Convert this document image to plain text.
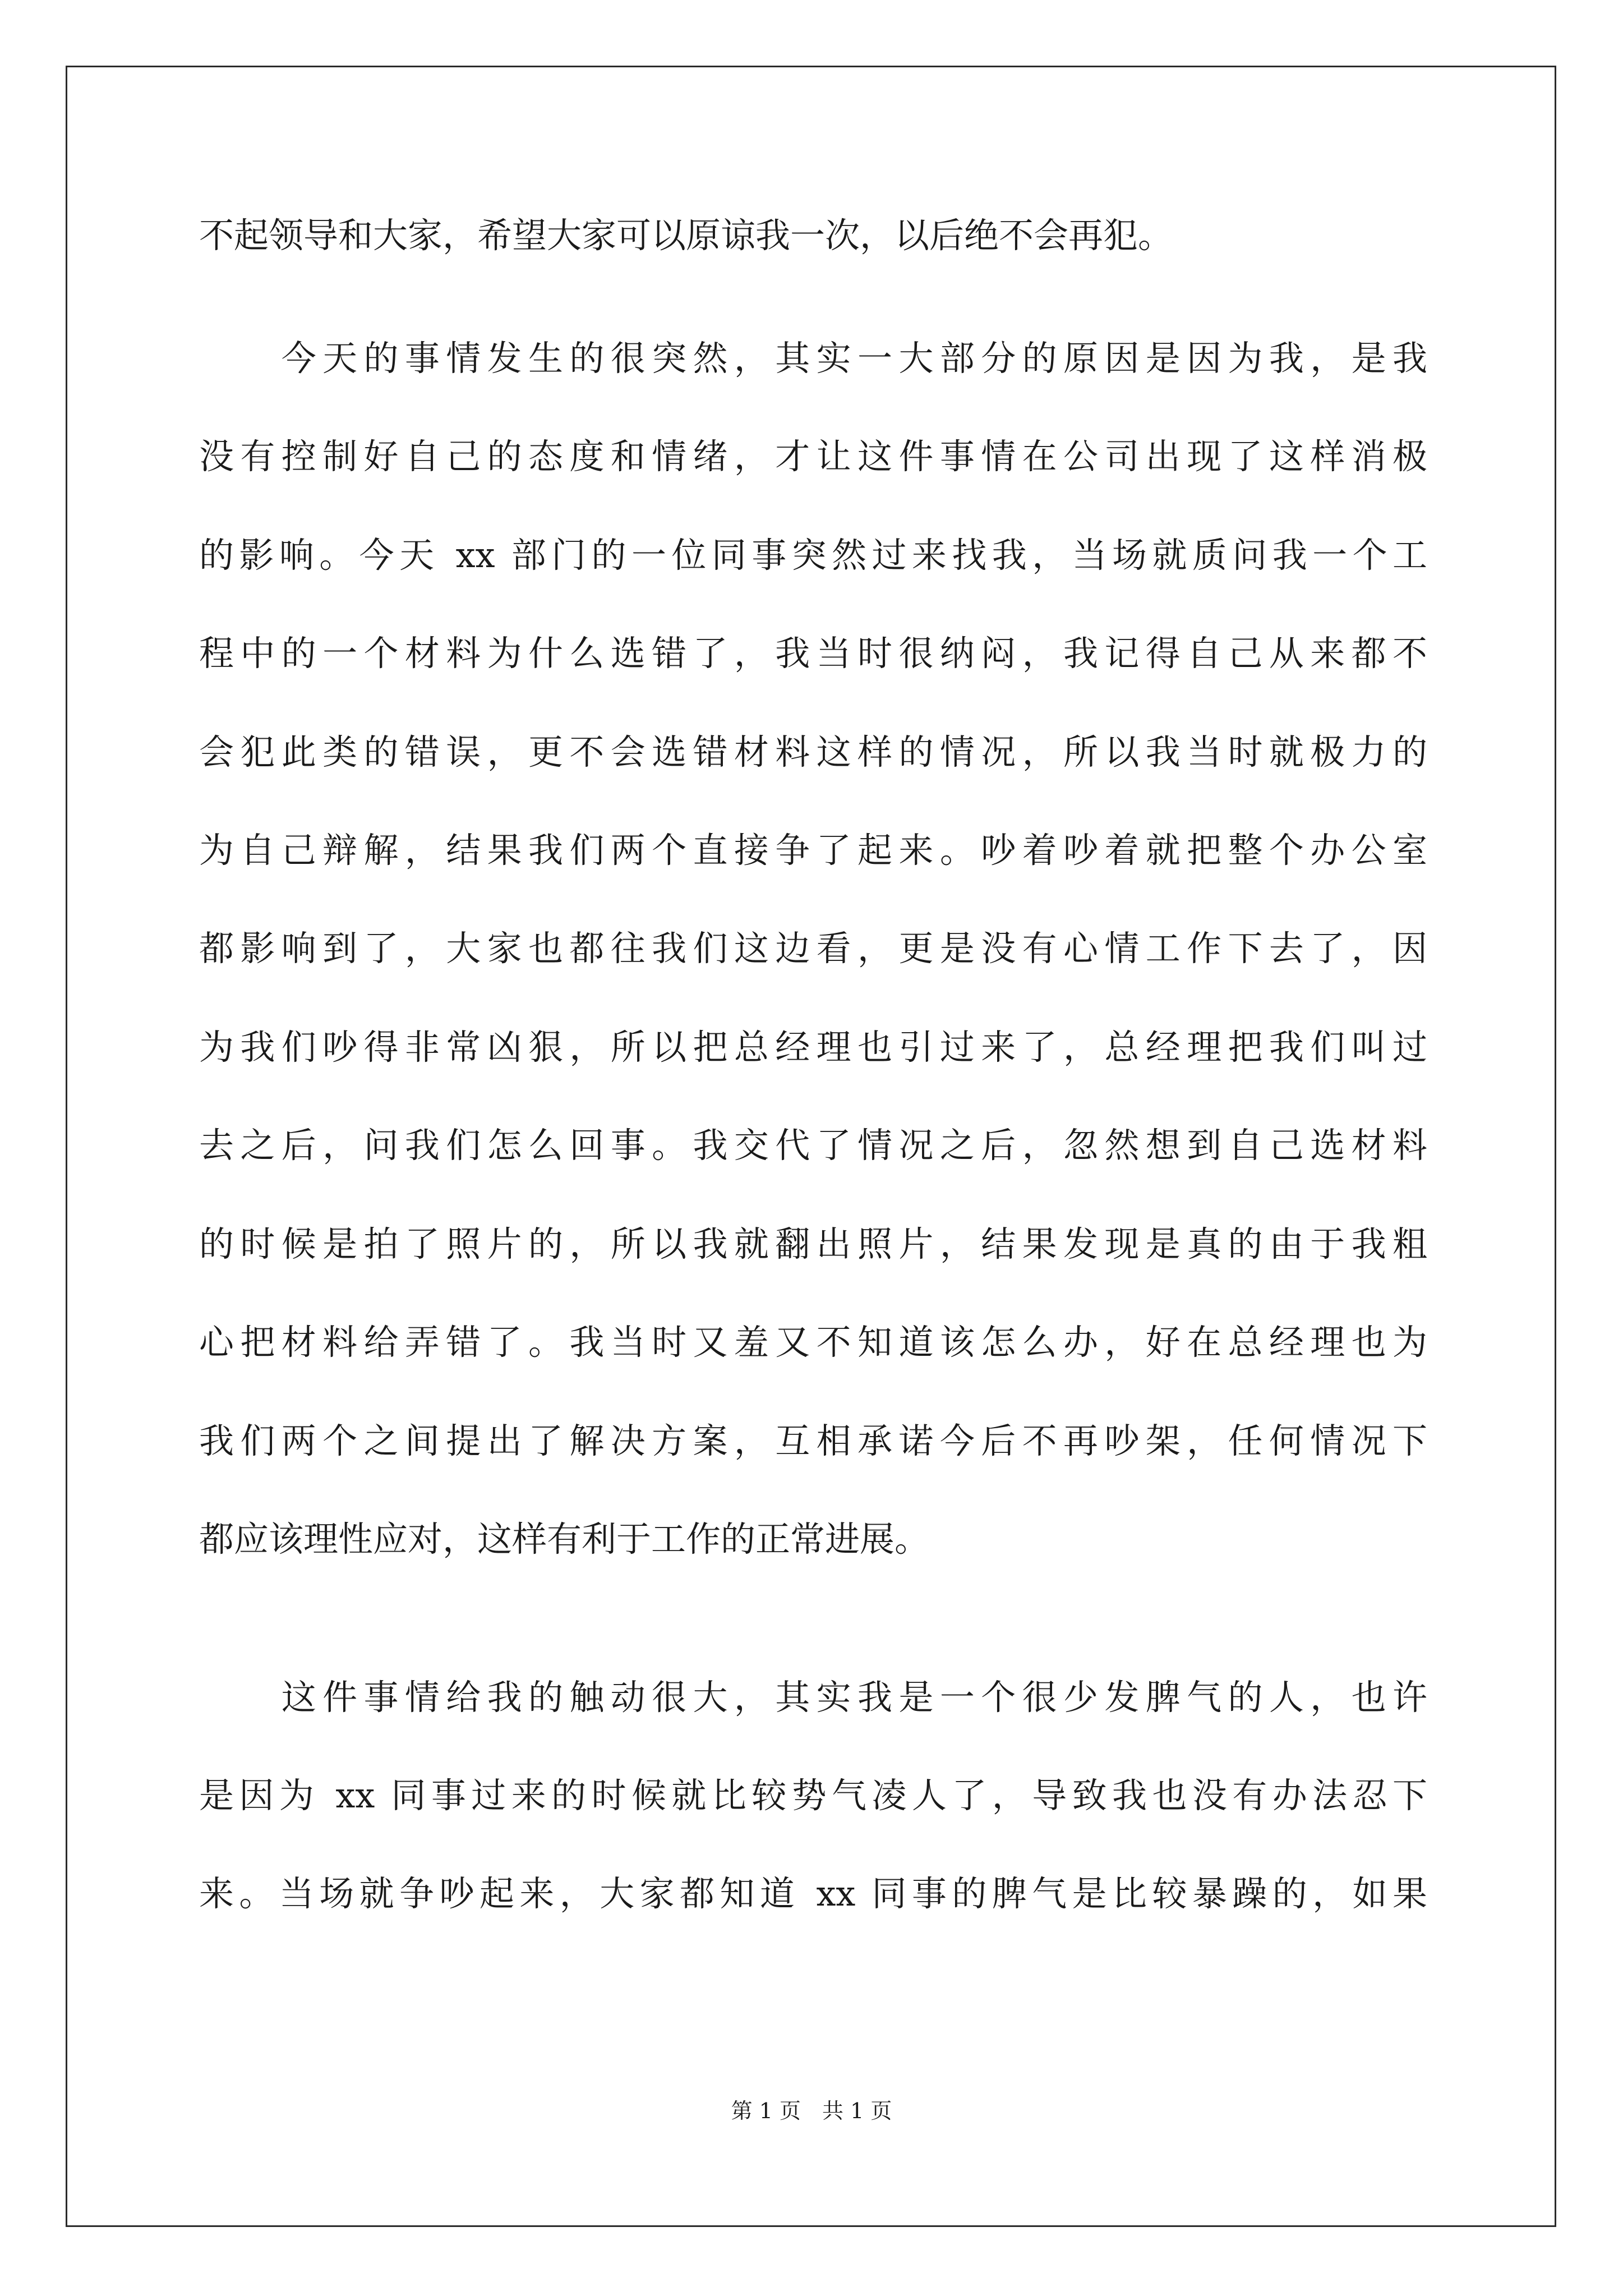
不起领导和大家，希望大家可以原谅我一次，以后绝不会再犯。
　　今天的事情发生的很突然，其实一大部分的原因是因为我，是我
没有控制好自己的态度和情绪，才让这件事情在公司出现了这样消极
的影响。今天 xx 部门的一位同事突然过来找我，当场就质问我一个工
程中的一个材料为什么选错了，我当时很纳闷，我记得自己从来都不
会犯此类的错误，更不会选错材料这样的情况，所以我当时就极力的
为自己辩解，结果我们两个直接争了起来。吵着吵着就把整个办公室
都影响到了，大家也都往我们这边看，更是没有心情工作下去了，因
为我们吵得非常凶狠，所以把总经理也引过来了，总经理把我们叫过
去之后，问我们怎么回事。我交代了情况之后，忽然想到自己选材料
的时候是拍了照片的，所以我就翻出照片，结果发现是真的由于我粗
心把材料给弄错了。我当时又羞又不知道该怎么办，好在总经理也为
我们两个之间提出了解决方案，互相承诺今后不再吵架，任何情况下
都应该理性应对，这样有利于工作的正常进展。
　　这件事情给我的触动很大，其实我是一个很少发脾气的人，也许
是因为 xx 同事过来的时候就比较势气凌人了，导致我也没有办法忍下
来。当场就争吵起来，大家都知道 xx 同事的脾气是比较暴躁的，如果
第 1 页　共 1 页
